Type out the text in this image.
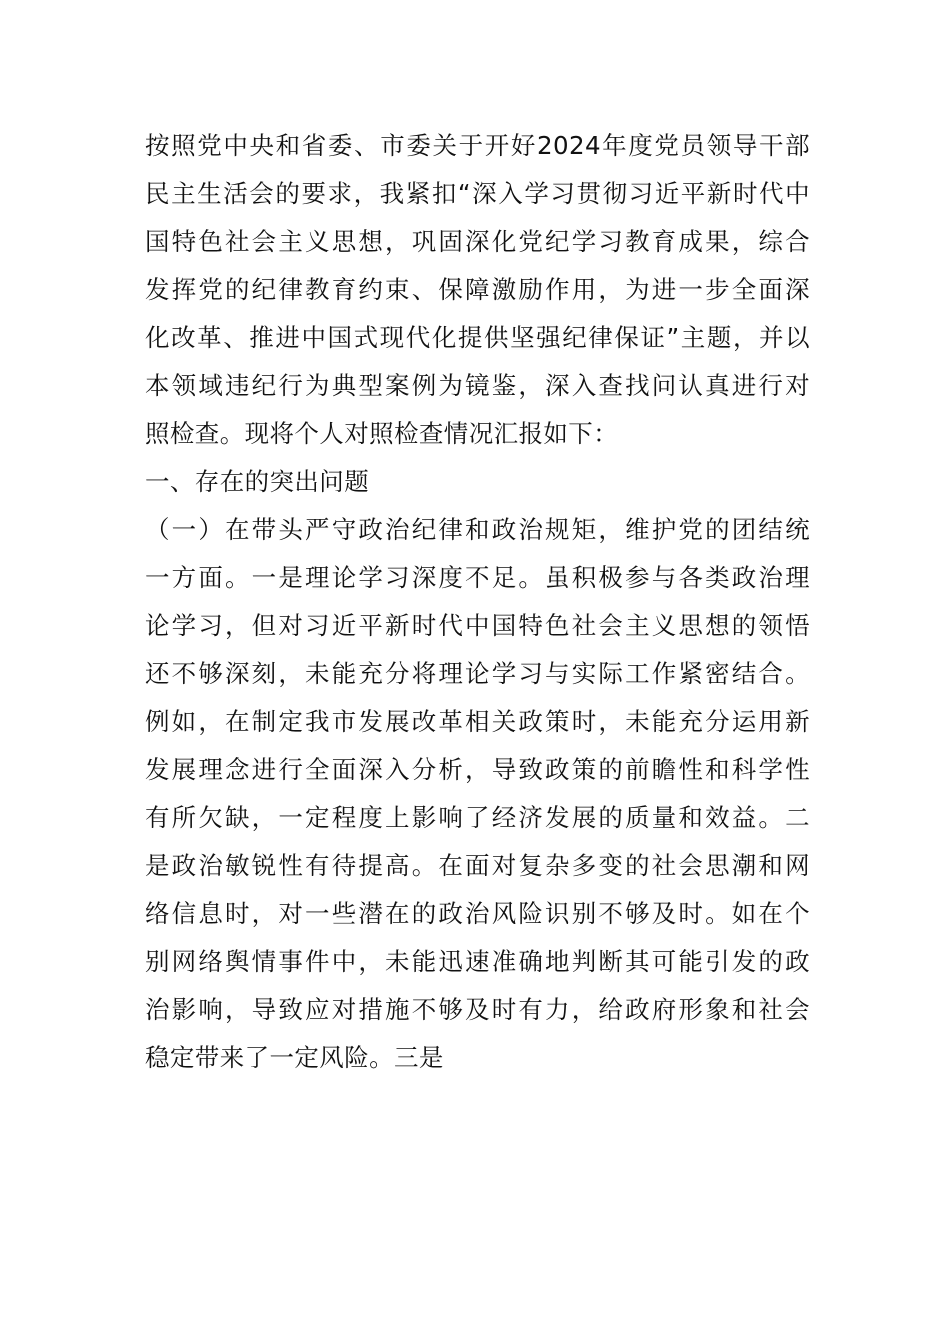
按照党中央和省委、市委关于开好2024年度党员领导干部
民主生活会的要求，我紧扣“深入学习贯彻习近平新时代中
国特色社会主义思想，巩固深化党纪学习教育成果，综合
发挥党的纪律教育约束、保障激励作用，为进一步全面深
化改革、推进中国式现代化提供坚强纪律保证”主题，并以
本领域违纪行为典型案例为镜鉴，深入查找问认真进行对
照检查。现将个人对照检查情况汇报如下：
一、存在的突出问题
（一）在带头严守政治纪律和政治规矩，维护党的团结统
一方面。一是理论学习深度不足。虽积极参与各类政治理
论学习，但对习近平新时代中国特色社会主义思想的领悟
还不够深刻，未能充分将理论学习与实际工作紧密结合。
例如，在制定我市发展改革相关政策时，未能充分运用新
发展理念进行全面深入分析，导致政策的前瞻性和科学性
有所欠缺，一定程度上影响了经济发展的质量和效益。二
是政治敏锐性有待提高。在面对复杂多变的社会思潮和网
络信息时，对一些潜在的政治风险识别不够及时。如在个
别网络舆情事件中，未能迅速准确地判断其可能引发的政
治影响，导致应对措施不够及时有力，给政府形象和社会
稳定带来了一定风险。三是
